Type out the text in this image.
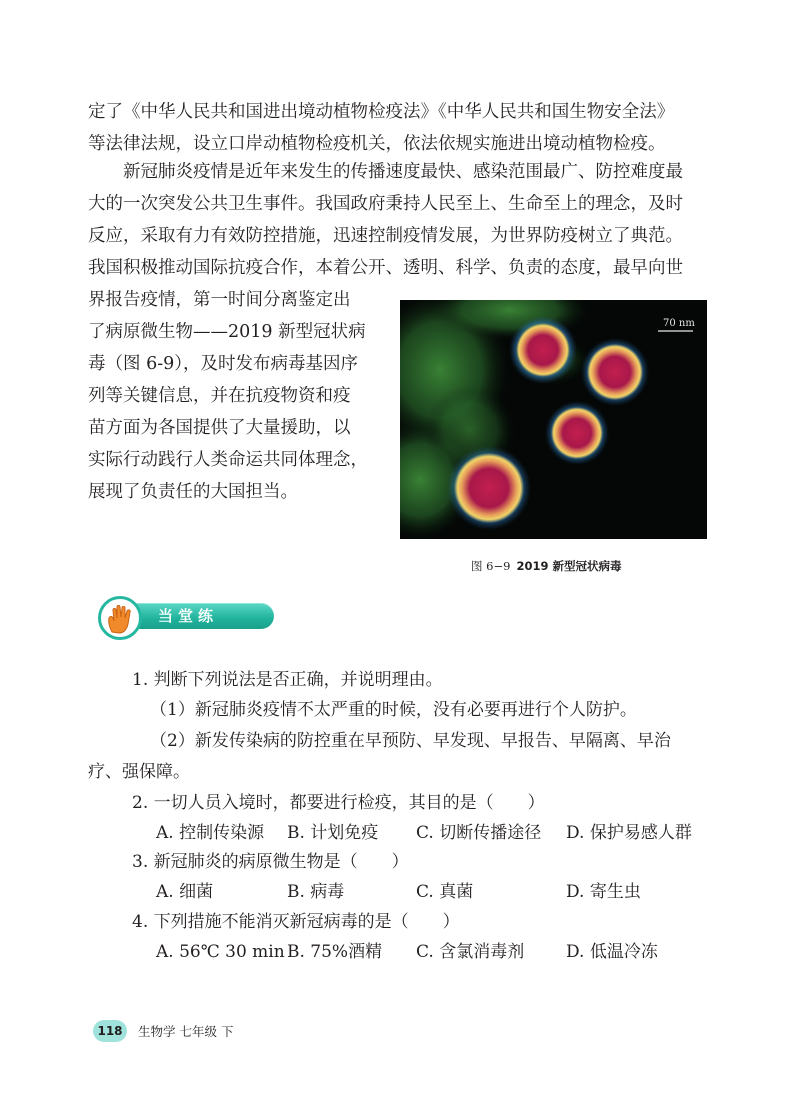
定了《中华人民共和国进出境动植物检疫法》《中华人民共和国生物安全法》
等法律法规，设立口岸动植物检疫机关，依法依规实施进出境动植物检疫。
　　新冠肺炎疫情是近年来发生的传播速度最快、感染范围最广、防控难度最
大的一次突发公共卫生事件。我国政府秉持人民至上、生命至上的理念，及时
反应，采取有力有效防控措施，迅速控制疫情发展，为世界防疫树立了典范。
我国积极推动国际抗疫合作，本着公开、透明、科学、负责的态度，最早向世
界报告疫情，第一时间分离鉴定出
了病原微生物——2019 新型冠状病
毒（图 6-9），及时发布病毒基因序
列等关键信息，并在抗疫物资和疫
苗方面为各国提供了大量援助，以
实际行动践行人类命运共同体理念，
展现了负责任的大国担当。
70 nm
图 6−9 2019 新型冠状病毒
当堂练

1. 判断下列说法是否正确，并说明理由。

（1）新冠肺炎疫情不太严重的时候，没有必要再进行个人防护。

（2）新发传染病的防控重在早预防、早发现、早报告、早隔离、早治

疗、强保障。

2. 一切人员入境时，都要进行检疫，其目的是（　　）

A. 控制传染源 B. 计划免疫 C. 切断传播途径 D. 保护易感人群

3. 新冠肺炎的病原微生物是（　　）

A. 细菌	B. 病毒	C. 真菌	D. 寄生虫

4. 下列措施不能消灭新冠病毒的是（　　）

A. 56℃ 30 min B. 75%酒精 C. 含氯消毒剂 D. 低温冷冻
118	生物学 七年级 下
